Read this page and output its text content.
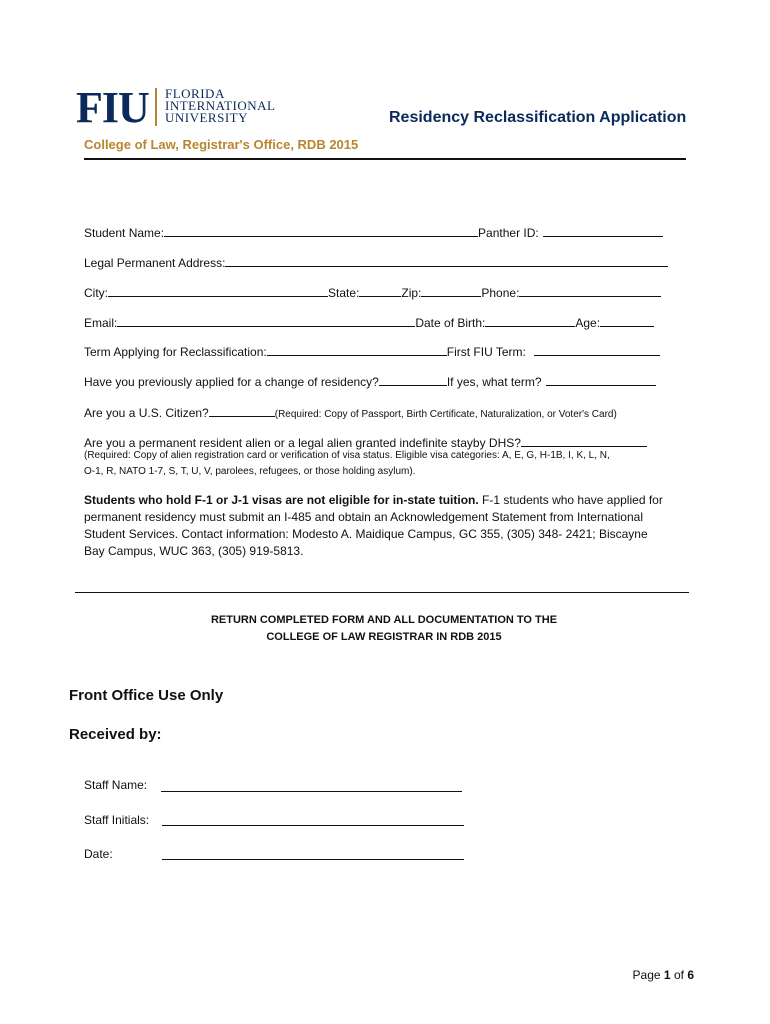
FIU	FLORIDA
INTERNATIONAL
UNIVERSITY	Residency Reclassification Application
College of Law, Registrar's Office, RDB 2015
Student Name:	Panther ID:
Legal Permanent Address:
City:	State:	Zip:	Phone:
Email:	Date of Birth:	Age:
Term Applying for Reclassification:	First FIU Term:
Have you previously applied for a change of residency?	If yes, what term?
Are you a U.S. Citizen?	(Required: Copy of Passport, Birth Certificate, Naturalization, or Voter's Card)
Are you a permanent resident alien or a legal alien granted indefinite stayby DHS?
(Required: Copy of alien registration card or verification of visa status. Eligible visa categories: A, E, G, H-1B, I, K, L, N,
O-1, R, NATO 1-7, S, T, U, V, parolees, refugees, or those holding asylum).
Students who hold F-1 or J-1 visas are not eligible for in-state tuition. F-1 students who have applied for
permanent residency must submit an I-485 and obtain an Acknowledgement Statement from International
Student Services. Contact information: Modesto A. Maidique Campus, GC 355, (305) 348- 2421; Biscayne
Bay Campus, WUC 363, (305) 919-5813.
RETURN COMPLETED FORM AND ALL DOCUMENTATION TO THE
COLLEGE OF LAW REGISTRAR IN RDB 2015
Front Office Use Only
Received by:
Staff Name:
Staff Initials:
Date:
Page 1 of 6
